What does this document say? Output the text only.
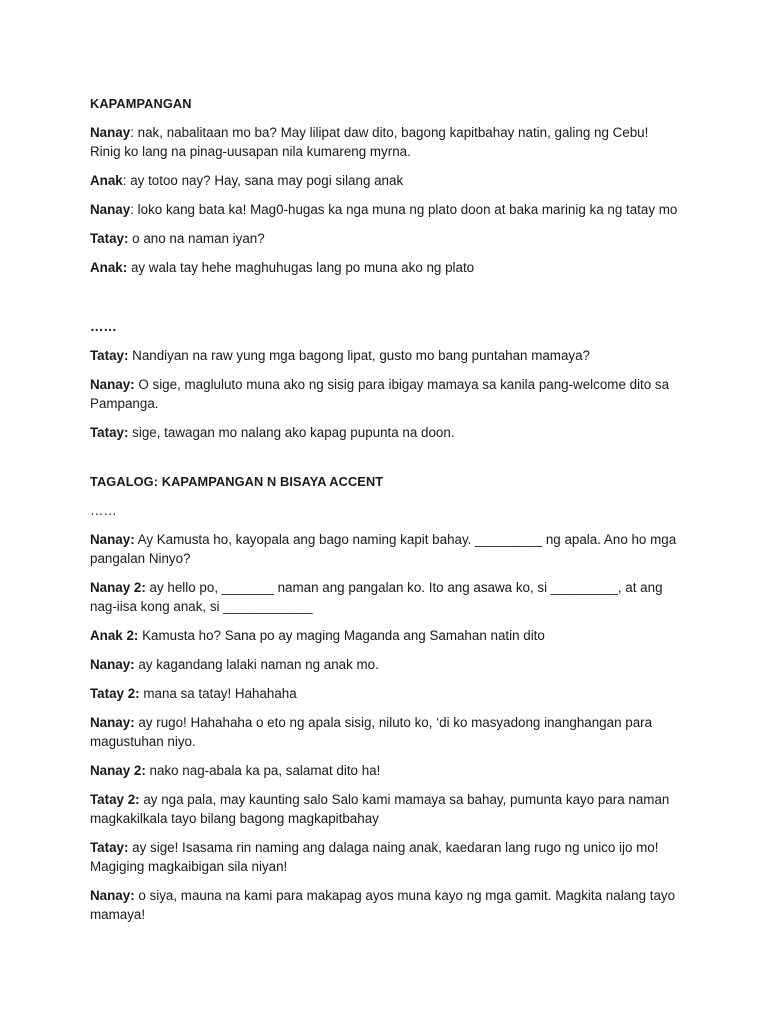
KAPAMPANGAN
Nanay: nak, nabalitaan mo ba? May lilipat daw dito, bagong kapitbahay natin, galing ng Cebu! Rinig ko lang na pinag-uusapan nila kumareng myrna.
Anak: ay totoo nay? Hay, sana may pogi silang anak
Nanay: loko kang bata ka! Mag0-hugas ka nga muna ng plato doon at baka marinig ka ng tatay mo
Tatay: o ano na naman iyan?
Anak: ay wala tay hehe maghuhugas lang po muna ako ng plato
……
Tatay: Nandiyan na raw yung mga bagong lipat, gusto mo bang puntahan mamaya?
Nanay: O sige, magluluto muna ako ng sisig para ibigay mamaya sa kanila pang-welcome dito sa Pampanga.
Tatay: sige, tawagan mo nalang ako kapag pupunta na doon.
TAGALOG: KAPAMPANGAN N BISAYA ACCENT
……
Nanay: Ay Kamusta ho, kayopala ang bago naming kapit bahay. _________ ng apala. Ano ho mga pangalan Ninyo?
Nanay 2: ay hello po, _______ naman ang pangalan ko. Ito ang asawa ko, si _________, at ang nag-iisa kong anak, si ____________
Anak 2: Kamusta ho? Sana po ay maging Maganda ang Samahan natin dito
Nanay: ay kagandang lalaki naman ng anak mo.
Tatay 2: mana sa tatay! Hahahaha
Nanay: ay rugo! Hahahaha o eto ng apala sisig, niluto ko, ‘di ko masyadong inanghangan para magustuhan niyo.
Nanay 2: nako nag-abala ka pa, salamat dito ha!
Tatay 2: ay nga pala, may kaunting salo Salo kami mamaya sa bahay, pumunta kayo para naman magkakilkala tayo bilang bagong magkapitbahay
Tatay: ay sige! Isasama rin naming ang dalaga naing anak, kaedaran lang rugo ng unico ijo mo! Magiging magkaibigan sila niyan!
Nanay: o siya, mauna na kami para makapag ayos muna kayo ng mga gamit. Magkita nalang tayo mamaya!
